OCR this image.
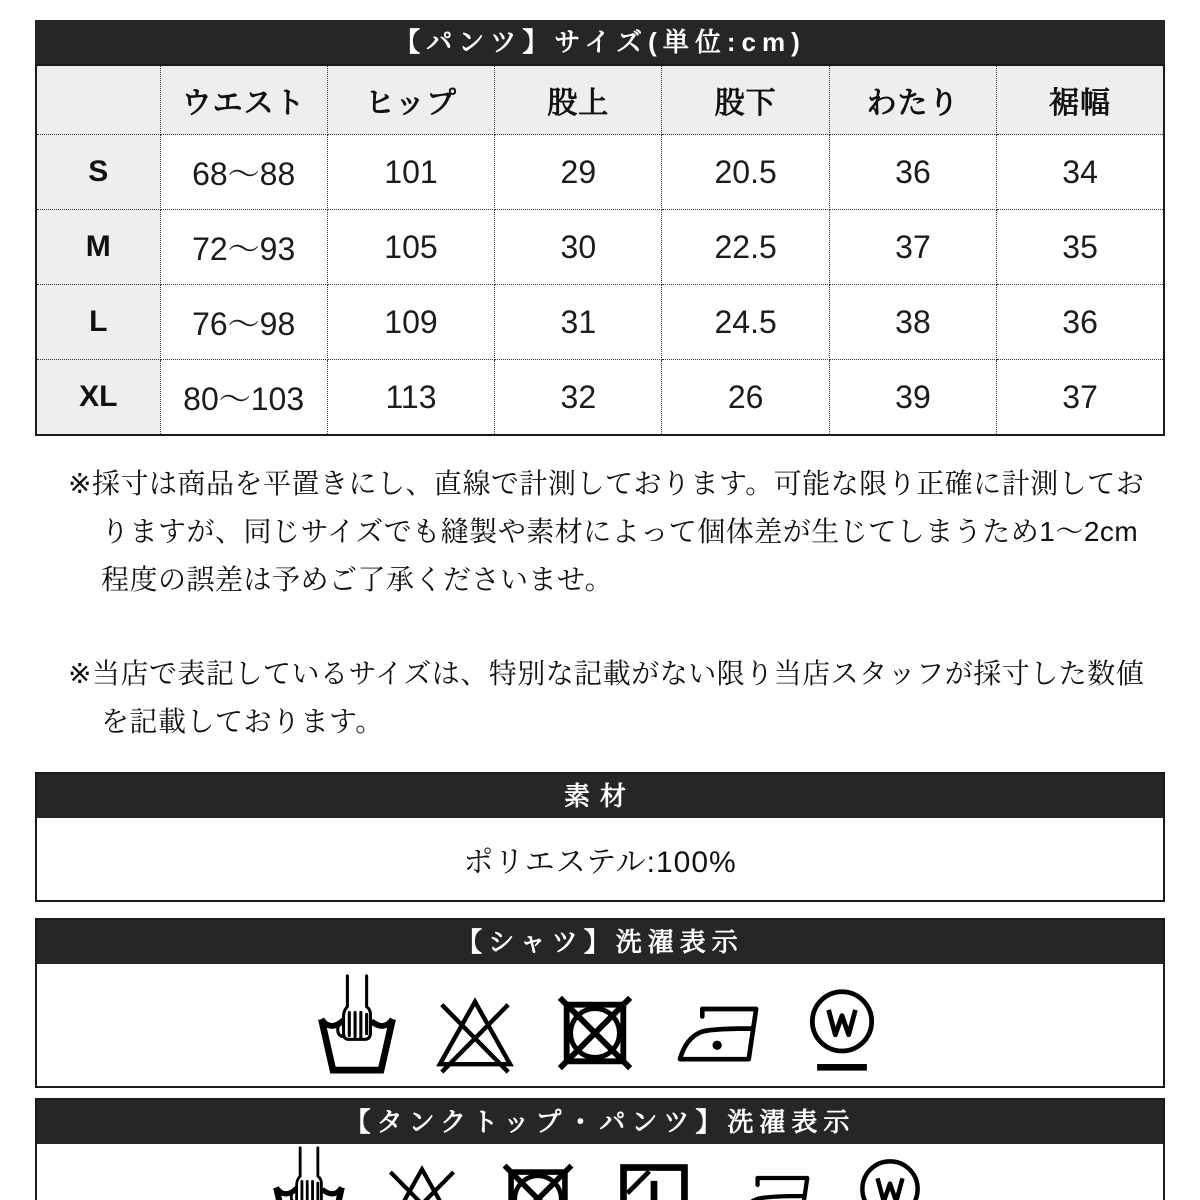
【パンツ】サイズ(単位:cm)
	ウエスト	ヒップ	股上	股下	わたり	裾幅
S	68〜88	101	29	20.5	36	34
M	72〜93	105	30	22.5	37	35
L	76〜98	109	31	24.5	38	36
XL	80〜103	113	32	26	39	37
※採寸は商品を平置きにし、直線で計測しております。可能な限り正確に計測しておりますが、同じサイズでも縫製や素材によって個体差が生じてしまうため1〜2cm程度の誤差は予めご了承くださいませ。
※当店で表記しているサイズは、特別な記載がない限り当店スタッフが採寸した数値を記載しております。
素材
ポリエステル:100%
【シャツ】洗濯表示
【タンクトップ・パンツ】洗濯表示
